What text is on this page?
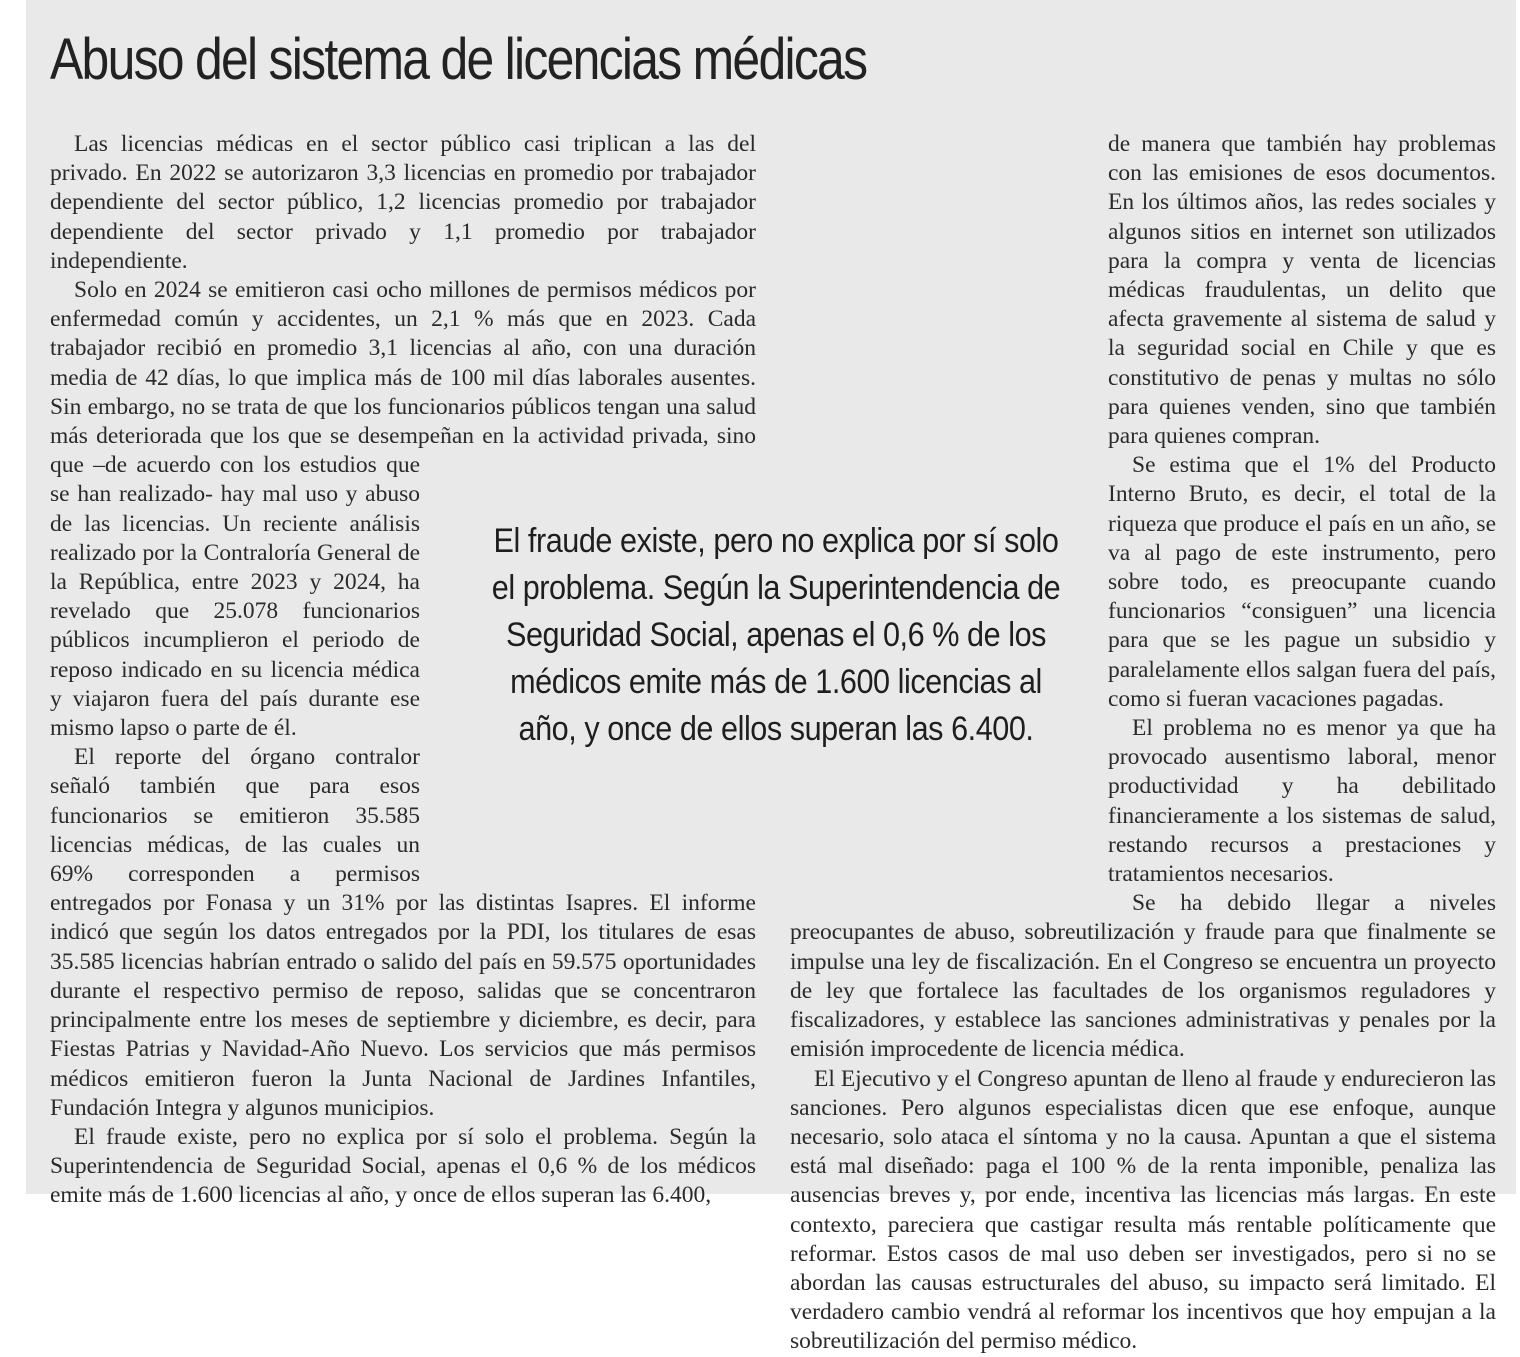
Abuso del sistema de licencias médicas

Las licencias médicas en el sector público casi triplican a las del privado. En 2022 se autorizaron 3,3 licencias en promedio por trabajador dependiente del sector público, 1,2 licencias promedio por trabajador dependiente del sector privado y 1,1 promedio por trabajador independiente.

Solo en 2024 se emitieron casi ocho millones de permisos médicos por enfermedad común y accidentes, un 2,1 % más que en 2023. Cada trabajador recibió en promedio 3,1 licencias al año, con una duración media de 42 días, lo que implica más de 100 mil días laborales ausentes. Sin embargo, no se trata de que los funcionarios públicos tengan una salud más deteriorada que los que se desempeñan en la actividad privada, sino que –de acuerdo con los estudios que se han realizado- hay mal uso y abuso de las licencias. Un reciente análisis realizado por la Contraloría General de la República, entre 2023 y 2024, ha revelado que 25.078 funcionarios públicos incumplieron el periodo de reposo indicado en su licencia médica y viajaron fuera del país durante ese mismo lapso o parte de él.

El reporte del órgano contralor señaló también que para esos funcionarios se emitieron 35.585 licencias médicas, de las cuales un 69% corresponden a permisos entregados por Fonasa y un 31% por las distintas Isapres. El informe indicó que según los datos entregados por la PDI, los titulares de esas 35.585 licencias habrían entrado o salido del país en 59.575 oportunidades durante el respectivo permiso de reposo, salidas que se concentraron principalmente entre los meses de septiembre y diciembre, es decir, para Fiestas Patrias y Navidad-Año Nuevo. Los servicios que más permisos médicos emitieron fueron la Junta Nacional de Jardines Infantiles, Fundación Integra y algunos municipios.

El fraude existe, pero no explica por sí solo el problema. Según la Superintendencia de Seguridad Social, apenas el 0,6 % de los médicos emite más de 1.600 licencias al año, y once de ellos superan las 6.400,

de manera que también hay problemas con las emisiones de esos documentos. En los últimos años, las redes sociales y algunos sitios en internet son utilizados para la compra y venta de licencias médicas fraudulentas, un delito que afecta gravemente al sistema de salud y la seguridad social en Chile y que es constitutivo de penas y multas no sólo para quienes venden, sino que también para quienes compran.

Se estima que el 1% del Producto Interno Bruto, es decir, el total de la riqueza que produce el país en un año, se va al pago de este instrumento, pero sobre todo, es preocupante cuando funcionarios “consiguen” una licencia para que se les pague un subsidio y paralelamente ellos salgan fuera del país, como si fueran vacaciones pagadas.

El problema no es menor ya que ha provocado ausentismo laboral, menor productividad y ha debilitado financieramente a los sistemas de salud, restando recursos a prestaciones y tratamientos necesarios.

Se ha debido llegar a niveles preocupantes de abuso, sobreutilización y fraude para que finalmente se impulse una ley de fiscalización. En el Congreso se encuentra un proyecto de ley que fortalece las facultades de los organismos reguladores y fiscalizadores, y establece las sanciones administrativas y penales por la emisión improcedente de licencia médica.

El Ejecutivo y el Congreso apuntan de lleno al fraude y endurecieron las sanciones. Pero algunos especialistas dicen que ese enfoque, aunque necesario, solo ataca el síntoma y no la causa. Apuntan a que el sistema está mal diseñado: paga el 100 % de la renta imponible, penaliza las ausencias breves y, por ende, incentiva las licencias más largas. En este contexto, pareciera que castigar resulta más rentable políticamente que reformar. Estos casos de mal uso deben ser investigados, pero si no se abordan las causas estructurales del abuso, su impacto será limitado. El verdadero cambio vendrá al reformar los incentivos que hoy empujan a la sobreutilización del permiso médico.

El fraude existe, pero no explica por sí solo el problema. Según la Superintendencia de Seguridad Social, apenas el 0,6 % de los médicos emite más de 1.600 licencias al año, y once de ellos superan las 6.400.
